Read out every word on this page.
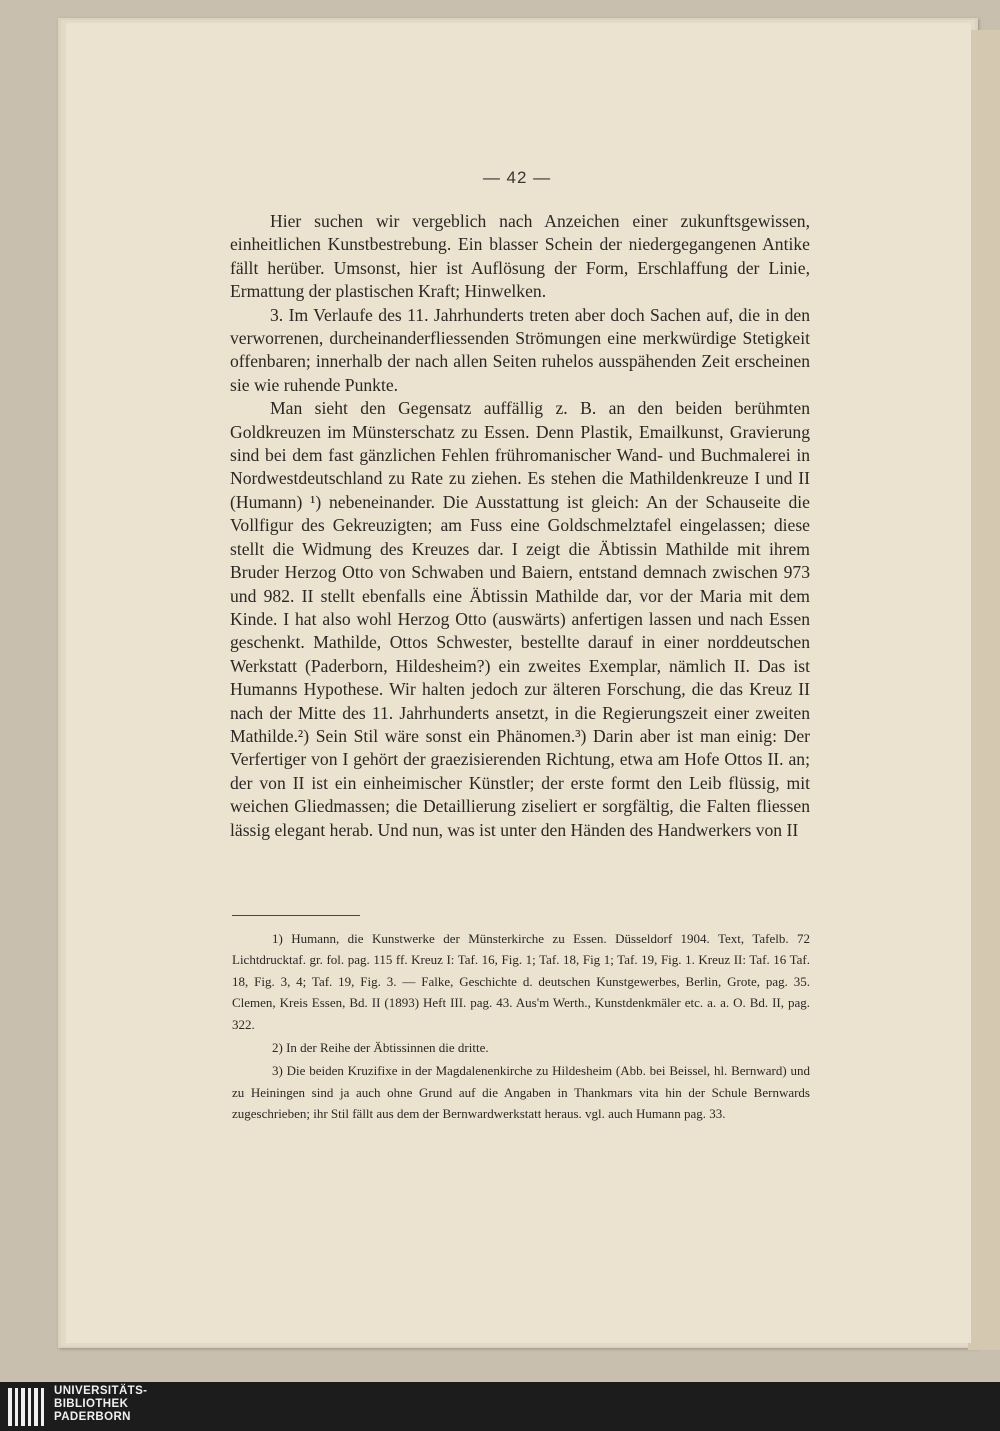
— 42 —

Hier suchen wir vergeblich nach Anzeichen einer zukunftsgewissen, einheitlichen Kunstbestrebung. Ein blasser Schein der niedergegangenen Antike fällt herüber. Umsonst, hier ist Auflösung der Form, Erschlaffung der Linie, Ermattung der plastischen Kraft; Hinwelken.

3. Im Verlaufe des 11. Jahrhunderts treten aber doch Sachen auf, die in den verworrenen, durcheinanderfliessenden Strömungen eine merkwürdige Stetigkeit offenbaren; innerhalb der nach allen Seiten ruhelos ausspähenden Zeit erscheinen sie wie ruhende Punkte.

Man sieht den Gegensatz auffällig z. B. an den beiden berühmten Goldkreuzen im Münsterschatz zu Essen. Denn Plastik, Emailkunst, Gravierung sind bei dem fast gänzlichen Fehlen frühromanischer Wand- und Buchmalerei in Nordwestdeutschland zu Rate zu ziehen. Es stehen die Mathildenkreuze I und II (Humann) ¹) nebeneinander. Die Ausstattung ist gleich: An der Schauseite die Vollfigur des Gekreuzigten; am Fuss eine Goldschmelztafel eingelassen; diese stellt die Widmung des Kreuzes dar. I zeigt die Äbtissin Mathilde mit ihrem Bruder Herzog Otto von Schwaben und Baiern, entstand demnach zwischen 973 und 982. II stellt ebenfalls eine Äbtissin Mathilde dar, vor der Maria mit dem Kinde. I hat also wohl Herzog Otto (auswärts) anfertigen lassen und nach Essen geschenkt. Mathilde, Ottos Schwester, bestellte darauf in einer norddeutschen Werkstatt (Paderborn, Hildesheim?) ein zweites Exemplar, nämlich II. Das ist Humanns Hypothese. Wir halten jedoch zur älteren Forschung, die das Kreuz II nach der Mitte des 11. Jahrhunderts ansetzt, in die Regierungszeit einer zweiten Mathilde.²) Sein Stil wäre sonst ein Phänomen.³) Darin aber ist man einig: Der Verfertiger von I gehört der graezisierenden Richtung, etwa am Hofe Ottos II. an; der von II ist ein einheimischer Künstler; der erste formt den Leib flüssig, mit weichen Gliedmassen; die Detaillierung ziseliert er sorgfältig, die Falten fliessen lässig elegant herab. Und nun, was ist unter den Händen des Handwerkers von II

1) Humann, die Kunstwerke der Münsterkirche zu Essen. Düsseldorf 1904. Text, Tafelb. 72 Lichtdrucktaf. gr. fol. pag. 115 ff. Kreuz I: Taf. 16, Fig. 1; Taf. 18, Fig 1; Taf. 19, Fig. 1. Kreuz II: Taf. 16 Taf. 18, Fig. 3, 4; Taf. 19, Fig. 3. — Falke, Geschichte d. deutschen Kunstgewerbes, Berlin, Grote, pag. 35. Clemen, Kreis Essen, Bd. II (1893) Heft III. pag. 43. Aus'm Werth., Kunstdenkmäler etc. a. a. O. Bd. II, pag. 322.

2) In der Reihe der Äbtissinnen die dritte.

3) Die beiden Kruzifixe in der Magdalenenkirche zu Hildesheim (Abb. bei Beissel, hl. Bernward) und zu Heiningen sind ja auch ohne Grund auf die Angaben in Thankmars vita hin der Schule Bernwards zugeschrieben; ihr Stil fällt aus dem der Bernwardwerkstatt heraus. vgl. auch Humann pag. 33.

UNIVERSITÄTS-
BIBLIOTHEK
PADERBORN
